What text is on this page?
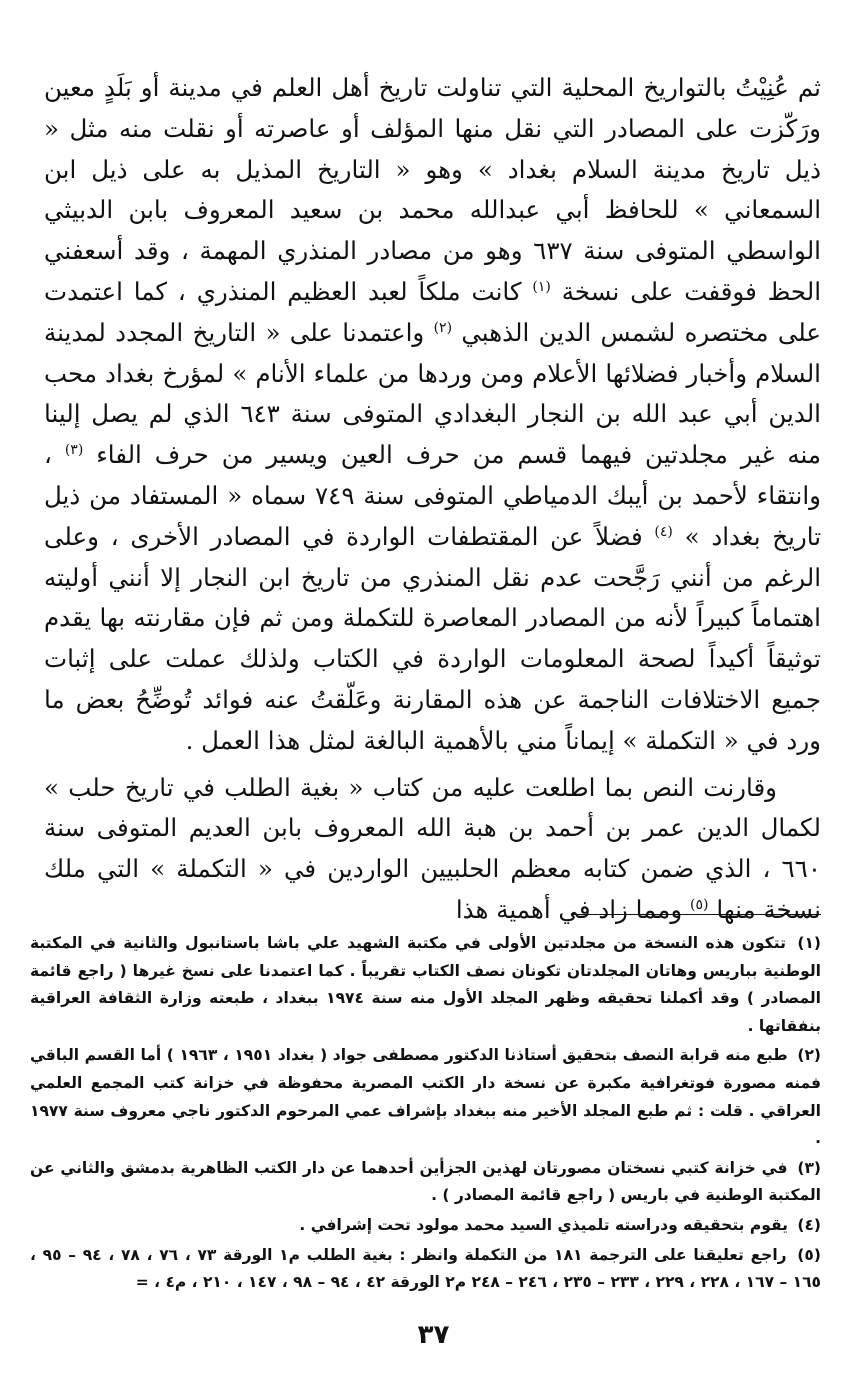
ثم عُنِيْتُ بالتواريخ المحلية التي تناولت تاريخ أهل العلم في مدينة أو بَلَدٍ معين ورَكّزت على المصادر التي نقل منها المؤلف أو عاصرته أو نقلت منه مثل « ذيل تاريخ مدينة السلام بغداد » وهو « التاريخ المذيل به على ذيل ابن السمعاني » للحافظ أبي عبدالله محمد بن سعيد المعروف بابن الدبيثي الواسطي المتوفى سنة ٦٣٧ وهو من مصادر المنذري المهمة ، وقد أسعفني الحظ فوقفت على نسخة $^{(١)}$ كانت ملكاً لعبد العظيم المنذري ، كما اعتمدت على مختصره لشمس الدين الذهبي $^{(٢)}$ واعتمدنا على « التاريخ المجدد لمدينة السلام وأخبار فضلائها الأعلام ومن وردها من علماء الأنام » لمؤرخ بغداد محب الدين أبي عبد الله بن النجار البغدادي المتوفى سنة ٦٤٣ الذي لم يصل إلينا منه غير مجلدتين فيهما قسم من حرف العين ويسير من حرف الفاء $^{(٣)}$ ، وانتقاء لأحمد بن أيبك الدمياطي المتوفى سنة ٧٤٩ سماه « المستفاد من ذيل تاريخ بغداد » $^{(٤)}$ فضلاً عن المقتطفات الواردة في المصادر الأخرى ، وعلى الرغم من أنني رَجَّحت عدم نقل المنذري من تاريخ ابن النجار إلا أنني أوليته اهتماماً كبيراً لأنه من المصادر المعاصرة للتكملة ومن ثم فإن مقارنته بها يقدم توثيقاً أكيداً لصحة المعلومات الواردة في الكتاب ولذلك عملت على إثبات جميع الاختلافات الناجمة عن هذه المقارنة وعَلّقتُ عنه فوائد تُوضِّحُ بعض ما ورد في « التكملة » إيماناً مني بالأهمية البالغة لمثل هذا العمل .

وقارنت النص بما اطلعت عليه من كتاب « بغية الطلب في تاريخ حلب » لكمال الدين عمر بن أحمد بن هبة الله المعروف بابن العديم المتوفى سنة ٦٦٠ ، الذي ضمن كتابه معظم الحلبيين الواردين في « التكملة » التي ملك نسخة منها $^{(٥)}$ ومما زاد في أهمية هذا

(١) تتكون هذه النسخة من مجلدتين الأولى في مكتبة الشهيد علي باشا باستانبول والثانية في المكتبة الوطنية بباريس وهاتان المجلدتان تكونان نصف الكتاب تقريباً . كما اعتمدنا على نسخ غيرها ( راجع قائمة المصادر ) وقد أكملنا تحقيقه وظهر المجلد الأول منه سنة ١٩٧٤ ببغداد ، طبعته وزارة الثقافة العراقية بنفقاتها .

(٢) طبع منه قرابة النصف بتحقيق أستاذنا الدكتور مصطفى جواد ( بغداد ١٩٥١ ، ١٩٦٣ ) أما القسم الباقي فمنه مصورة فوتغرافية مكبرة عن نسخة دار الكتب المصرية محفوظة في خزانة كتب المجمع العلمي العراقي . قلت : ثم طبع المجلد الأخير منه ببغداد بإشراف عمي المرحوم الدكتور ناجي معروف سنة ١٩٧٧ .

(٣) في خزانة كتبي نسختان مصورتان لهذين الجزأين أحدهما عن دار الكتب الظاهرية بدمشق والثاني عن المكتبة الوطنية في باريس ( راجع قائمة المصادر ) .

(٤) يقوم بتحقيقه ودراسته تلميذي السيد محمد مولود تحت إشرافي .

(٥) راجع تعليقنا على الترجمة ١٨١ من التكملة وانظر : بغية الطلب م١ الورقة ٧٣ ، ٧٦ ، ٧٨ ، ٩٤ – ٩٥ ، ١٦٥ – ١٦٧ ، ٢٢٨ ، ٢٢٩ ، ٢٣٣ – ٢٣٥ ، ٢٤٦ – ٢٤٨ م٢ الورقة ٤٢ ، ٩٤ – ٩٨ ، ١٤٧ ، ٢١٠ ، م٤ ، =

٣٧
